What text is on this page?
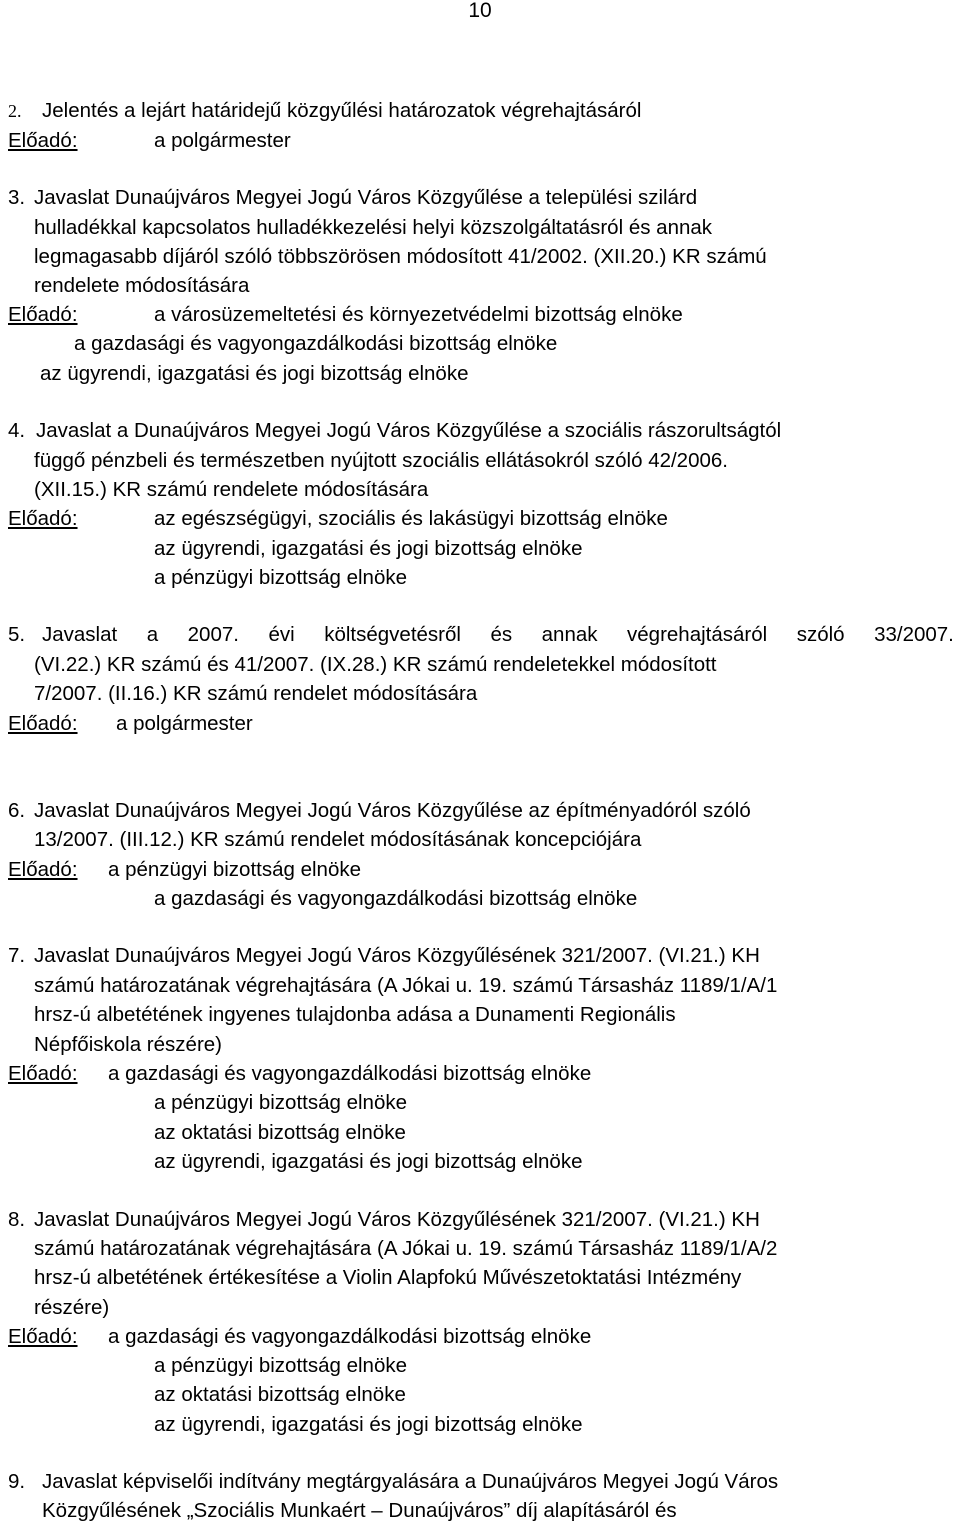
10
2. Jelentés a lejárt határidejű közgyűlési határozatok végrehajtásáról
Előadó:	a polgármester
3. Javaslat Dunaújváros Megyei Jogú Város Közgyűlése a települési szilárd
hulladékkal kapcsolatos hulladékkezelési helyi közszolgáltatásról és annak
legmagasabb díjáról szóló többszörösen módosított 41/2002. (XII.20.) KR számú
rendelete módosítására
Előadó:	a városüzemeltetési és környezetvédelmi bizottság elnöke
a gazdasági és vagyongazdálkodási bizottság elnöke
az ügyrendi, igazgatási és jogi bizottság elnöke
4. Javaslat a Dunaújváros Megyei Jogú Város Közgyűlése a szociális rászorultságtól
függő pénzbeli és természetben nyújtott szociális ellátásokról szóló 42/2006.
(XII.15.) KR számú rendelete módosítására
Előadó:	az egészségügyi, szociális és lakásügyi bizottság elnöke
az ügyrendi, igazgatási és jogi bizottság elnöke
a pénzügyi bizottság elnöke
5. Javaslat a 2007. évi költségvetésről és annak végrehajtásáról szóló 33/2007.
(VI.22.) KR számú és 41/2007. (IX.28.) KR számú rendeletekkel módosított
7/2007. (II.16.) KR számú rendelet módosítására
Előadó: a polgármester
6. Javaslat Dunaújváros Megyei Jogú Város Közgyűlése az építményadóról szóló
13/2007. (III.12.) KR számú rendelet módosításának koncepciójára
Előadó: a pénzügyi bizottság elnöke
a gazdasági és vagyongazdálkodási bizottság elnöke
7. Javaslat Dunaújváros Megyei Jogú Város Közgyűlésének 321/2007. (VI.21.) KH
számú határozatának végrehajtására (A Jókai u. 19. számú Társasház 1189/1/A/1
hrsz-ú albetétének ingyenes tulajdonba adása a Dunamenti Regionális
Népfőiskola részére)
Előadó: a gazdasági és vagyongazdálkodási bizottság elnöke
a pénzügyi bizottság elnöke
az oktatási bizottság elnöke
az ügyrendi, igazgatási és jogi bizottság elnöke
8. Javaslat Dunaújváros Megyei Jogú Város Közgyűlésének 321/2007. (VI.21.) KH
számú határozatának végrehajtására (A Jókai u. 19. számú Társasház 1189/1/A/2
hrsz-ú albetétének értékesítése a Violin Alapfokú Művészetoktatási Intézmény
részére)
Előadó: a gazdasági és vagyongazdálkodási bizottság elnöke
a pénzügyi bizottság elnöke
az oktatási bizottság elnöke
az ügyrendi, igazgatási és jogi bizottság elnöke
9. Javaslat képviselői indítvány megtárgyalására a Dunaújváros Megyei Jogú Város
Közgyűlésének „Szociális Munkaért – Dunaújváros” díj alapításáról és
